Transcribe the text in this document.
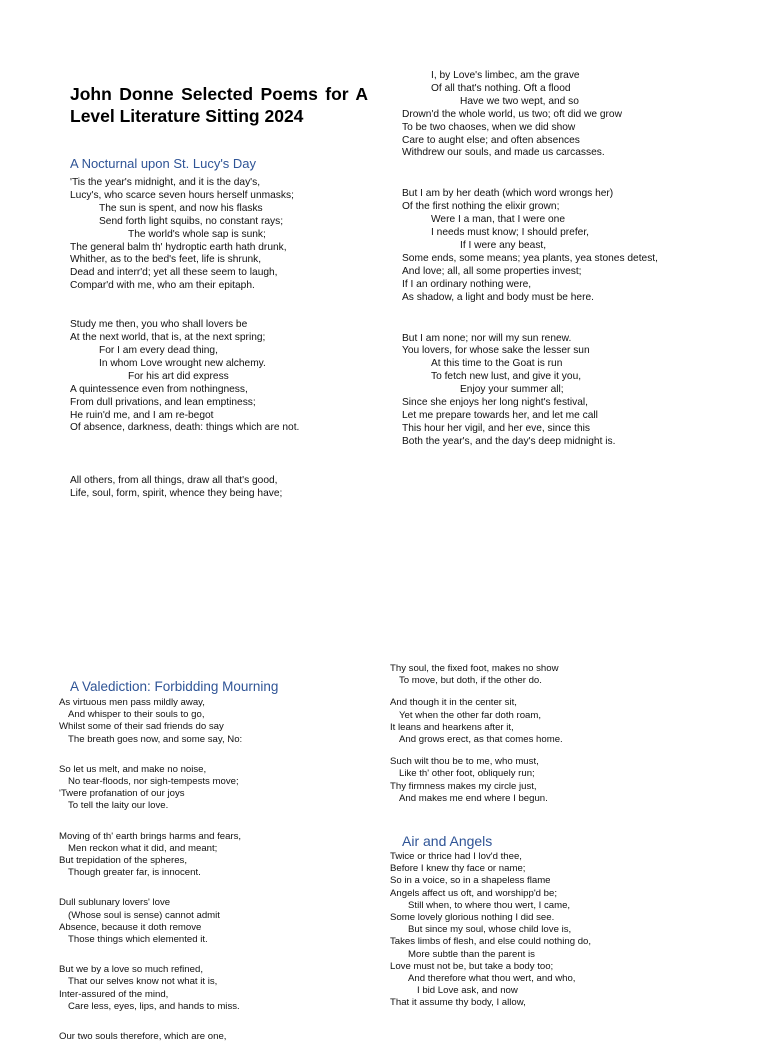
John Donne Selected Poems for A Level Literature Sitting 2024
A Nocturnal upon St. Lucy's Day
'Tis the year's midnight, and it is the day's,
Lucy's, who scarce seven hours herself unmasks;
The sun is spent, and now his flasks
Send forth light squibs, no constant rays;
The world's whole sap is sunk;
The general balm th' hydroptic earth hath drunk,
Whither, as to the bed's feet, life is shrunk,
Dead and interr'd; yet all these seem to laugh,
Compar'd with me, who am their epitaph.
Study me then, you who shall lovers be
At the next world, that is, at the next spring;
For I am every dead thing,
In whom Love wrought new alchemy.
For his art did express
A quintessence even from nothingness,
From dull privations, and lean emptiness;
He ruin'd me, and I am re-begot
Of absence, darkness, death: things which are not.
All others, from all things, draw all that's good,
Life, soul, form, spirit, whence they being have;
I, by Love's limbec, am the grave
Of all that's nothing. Oft a flood
Have we two wept, and so
Drown'd the whole world, us two; oft did we grow
To be two chaoses, when we did show
Care to aught else; and often absences
Withdrew our souls, and made us carcasses.
But I am by her death (which word wrongs her)
Of the first nothing the elixir grown;
Were I a man, that I were one
I needs must know; I should prefer,
If I were any beast,
Some ends, some means; yea plants, yea stones detest,
And love; all, all some properties invest;
If I an ordinary nothing were,
As shadow, a light and body must be here.
But I am none; nor will my sun renew.
You lovers, for whose sake the lesser sun
At this time to the Goat is run
To fetch new lust, and give it you,
Enjoy your summer all;
Since she enjoys her long night's festival,
Let me prepare towards her, and let me call
This hour her vigil, and her eve, since this
Both the year's, and the day's deep midnight is.
A Valediction: Forbidding Mourning
As virtuous men pass mildly away,
And whisper to their souls to go,
Whilst some of their sad friends do say
The breath goes now, and some say, No:
So let us melt, and make no noise,
No tear-floods, nor sigh-tempests move;
'Twere profanation of our joys
To tell the laity our love.
Moving of th' earth brings harms and fears,
Men reckon what it did, and meant;
But trepidation of the spheres,
Though greater far, is innocent.
Dull sublunary lovers' love
(Whose soul is sense) cannot admit
Absence, because it doth remove
Those things which elemented it.
But we by a love so much refined,
That our selves know not what it is,
Inter-assured of the mind,
Care less, eyes, lips, and hands to miss.
Our two souls therefore, which are one,
Thy soul, the fixed foot, makes no show
To move, but doth, if the other do.
And though it in the center sit,
Yet when the other far doth roam,
It leans and hearkens after it,
And grows erect, as that comes home.
Such wilt thou be to me, who must,
Like th' other foot, obliquely run;
Thy firmness makes my circle just,
And makes me end where I begun.
Air and Angels
Twice or thrice had I lov'd thee,
Before I knew thy face or name;
So in a voice, so in a shapeless flame
Angels affect us oft, and worshipp'd be;
Still when, to where thou wert, I came,
Some lovely glorious nothing I did see.
But since my soul, whose child love is,
Takes limbs of flesh, and else could nothing do,
More subtle than the parent is
Love must not be, but take a body too;
And therefore what thou wert, and who,
I bid Love ask, and now
That it assume thy body, I allow,
